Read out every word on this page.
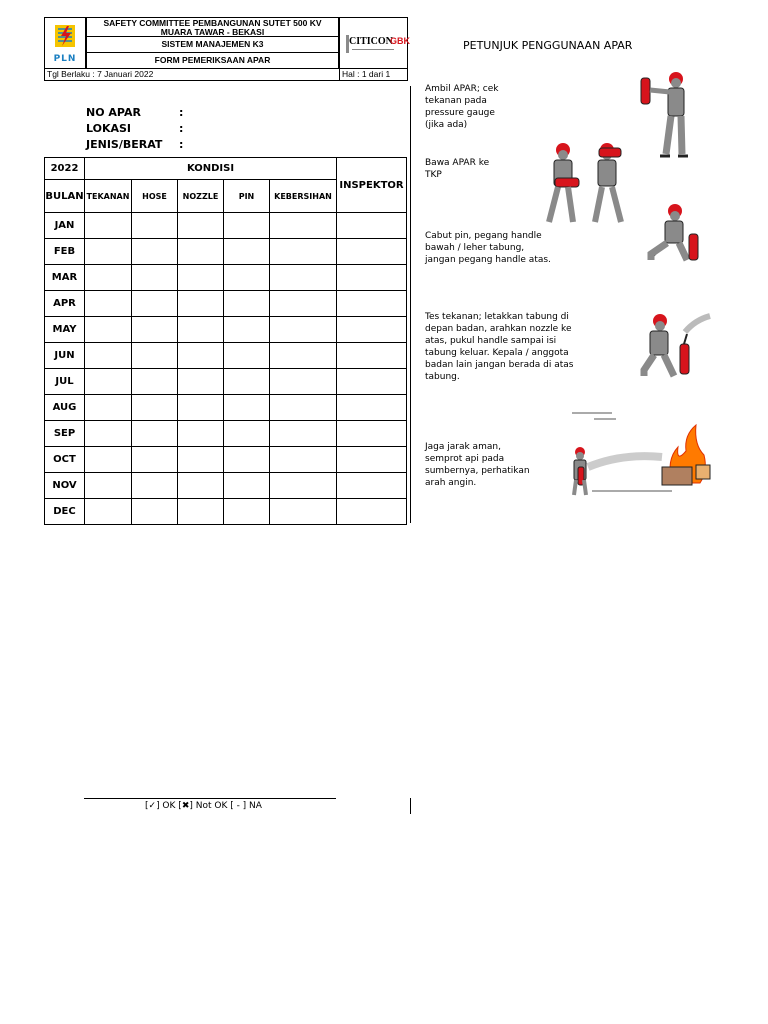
PLN
SAFETY COMMITTEE PEMBANGUNAN SUTET 500 KV
MUARA TAWAR - BEKASI
SISTEM MANAJEMEN K3
FORM PEMERIKSAAN APAR
CITICON
GBK
Tgl Berlaku : 7 Januari 2022	Hal : 1 dari 1
NO APAR	:
LOKASI	:
JENIS/BERAT :
2022	KONDISI					INSPEKTOR
BULAN	TEKANAN	HOSE	NOZZLE	PIN	KEBERSIHAN	
JAN						
FEB						
MAR						
APR						
MAY						
JUN						
JUL						
AUG						
SEP						
OCT						
NOV						
DEC						
[✓] OK [✖] Not OK [ - ] NA
PETUNJUK PENGGUNAAN APAR
Ambil APAR; cek tekanan pada pressure gauge (jika ada)
Bawa APAR ke TKP
Cabut pin, pegang handle bawah / leher tabung, jangan pegang handle atas.
Tes tekanan; letakkan tabung di depan badan, arahkan nozzle ke atas, pukul handle sampai isi tabung keluar. Kepala / anggota badan lain jangan berada di atas tabung.
Jaga jarak aman, semprot api pada sumbernya, perhatikan arah angin.
